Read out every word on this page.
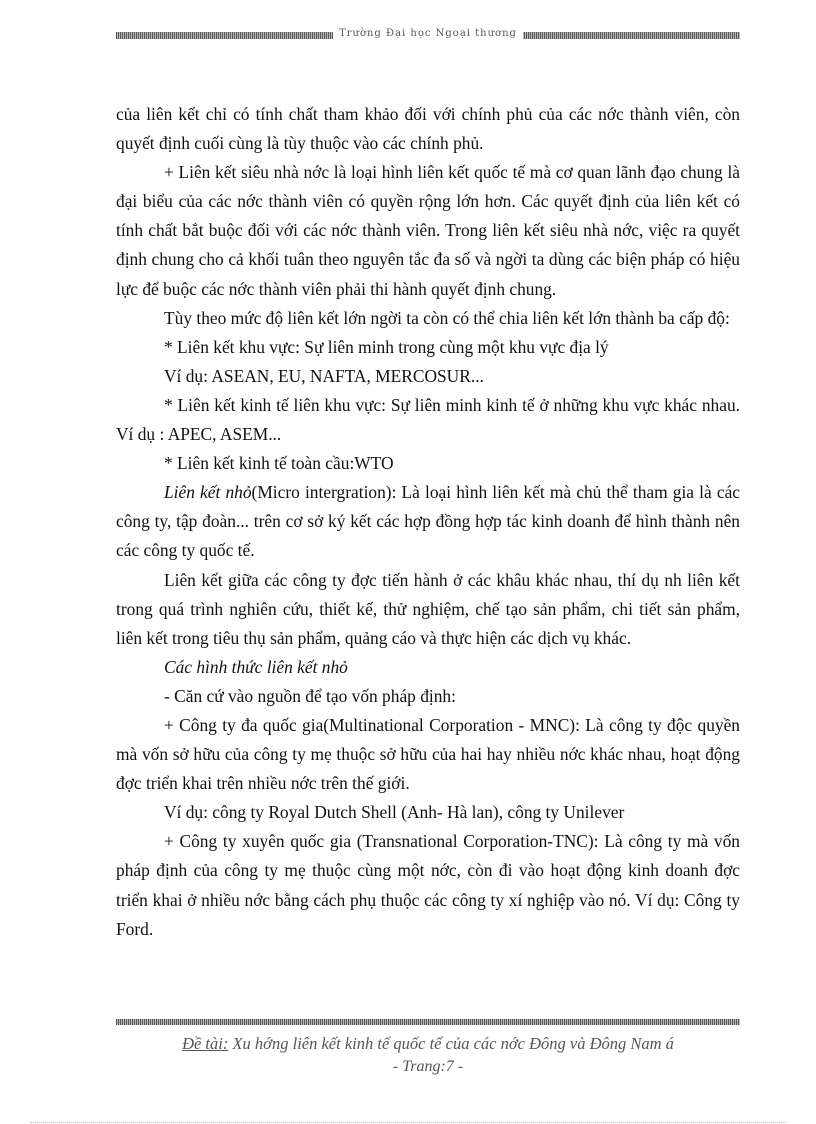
Trường Đại học Ngoại thương

của liên kết chỉ có tính chất tham khảo đối với chính phủ của các nớc thành viên, còn quyết định cuối cùng là tùy thuộc vào các chính phủ.

+ Liên kết siêu nhà nớc là loại hình liên kết quốc tế mà cơ quan lãnh đạo chung là đại biểu của các nớc thành viên có quyền rộng lớn hơn. Các quyết định của liên kết có tính chất bắt buộc đối với các nớc thành viên. Trong liên kết siêu nhà nớc, việc ra quyết định chung cho cả khối tuân theo nguyên tắc đa số và ngời ta dùng các biện pháp có hiệu lực để buộc các nớc thành viên phải thi hành quyết định chung.

Tùy theo mức độ liên kết lớn ngời ta còn có thể chia liên kết lớn thành ba cấp độ:

* Liên kết khu vực: Sự liên minh trong cùng một khu vực địa lý

Ví dụ: ASEAN, EU, NAFTA, MERCOSUR...

* Liên kết kinh tế liên khu vực: Sự liên minh kinh tế ở những khu vực khác nhau. Ví dụ : APEC, ASEM...

* Liên kết kinh tế toàn cầu:WTO

Liên kết nhỏ(Micro intergration): Là loại hình liên kết mà chủ thể tham gia là các công ty, tập đoàn... trên cơ sở ký kết các hợp đồng hợp tác kinh doanh để hình thành nên các công ty quốc tế.

Liên kết giữa các công ty đợc tiến hành ở các khâu khác nhau, thí dụ nh liên kết trong quá trình nghiên cứu, thiết kế, thử nghiệm, chế tạo sản phẩm, chi tiết sản phẩm, liên kết trong tiêu thụ sản phẩm, quảng cáo và thực hiện các dịch vụ khác.

Các hình thức liên kết nhỏ

- Căn cứ vào nguồn để tạo vốn pháp định:

+ Công ty đa quốc gia(Multinational Corporation - MNC): Là công ty độc quyền mà vốn sở hữu của công ty mẹ thuộc sở hữu của hai hay nhiều nớc khác nhau, hoạt động đợc triển khai trên nhiều nớc trên thế giới.

Ví dụ: công ty Royal Dutch Shell (Anh- Hà lan), công ty Unilever

+ Công ty xuyên quốc gia (Transnational Corporation-TNC): Là công ty mà vốn pháp định của công ty mẹ thuộc cùng một nớc, còn đi vào hoạt động kinh doanh đợc triển khai ở nhiều nớc bằng cách phụ thuộc các công ty xí nghiệp vào nó. Ví dụ: Công ty Ford.

Đề tài: Xu hớng liên kết kinh tế quốc tế của các nớc Đông và Đông Nam á
- Trang:7 -
